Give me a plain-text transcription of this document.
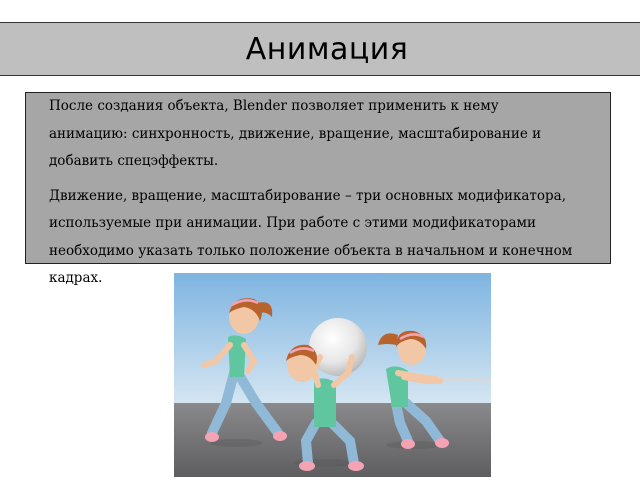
Анимация

После создания объекта, Blender позволяет применить к нему анимацию: синхронность, движение, вращение, масштабирование и добавить спецэффекты.

Движение, вращение, масштабирование – три основных модификатора, используемые при анимации. При работе с этими модификаторами необходимо указать только положение объекта в начальном и конечном кадрах.
